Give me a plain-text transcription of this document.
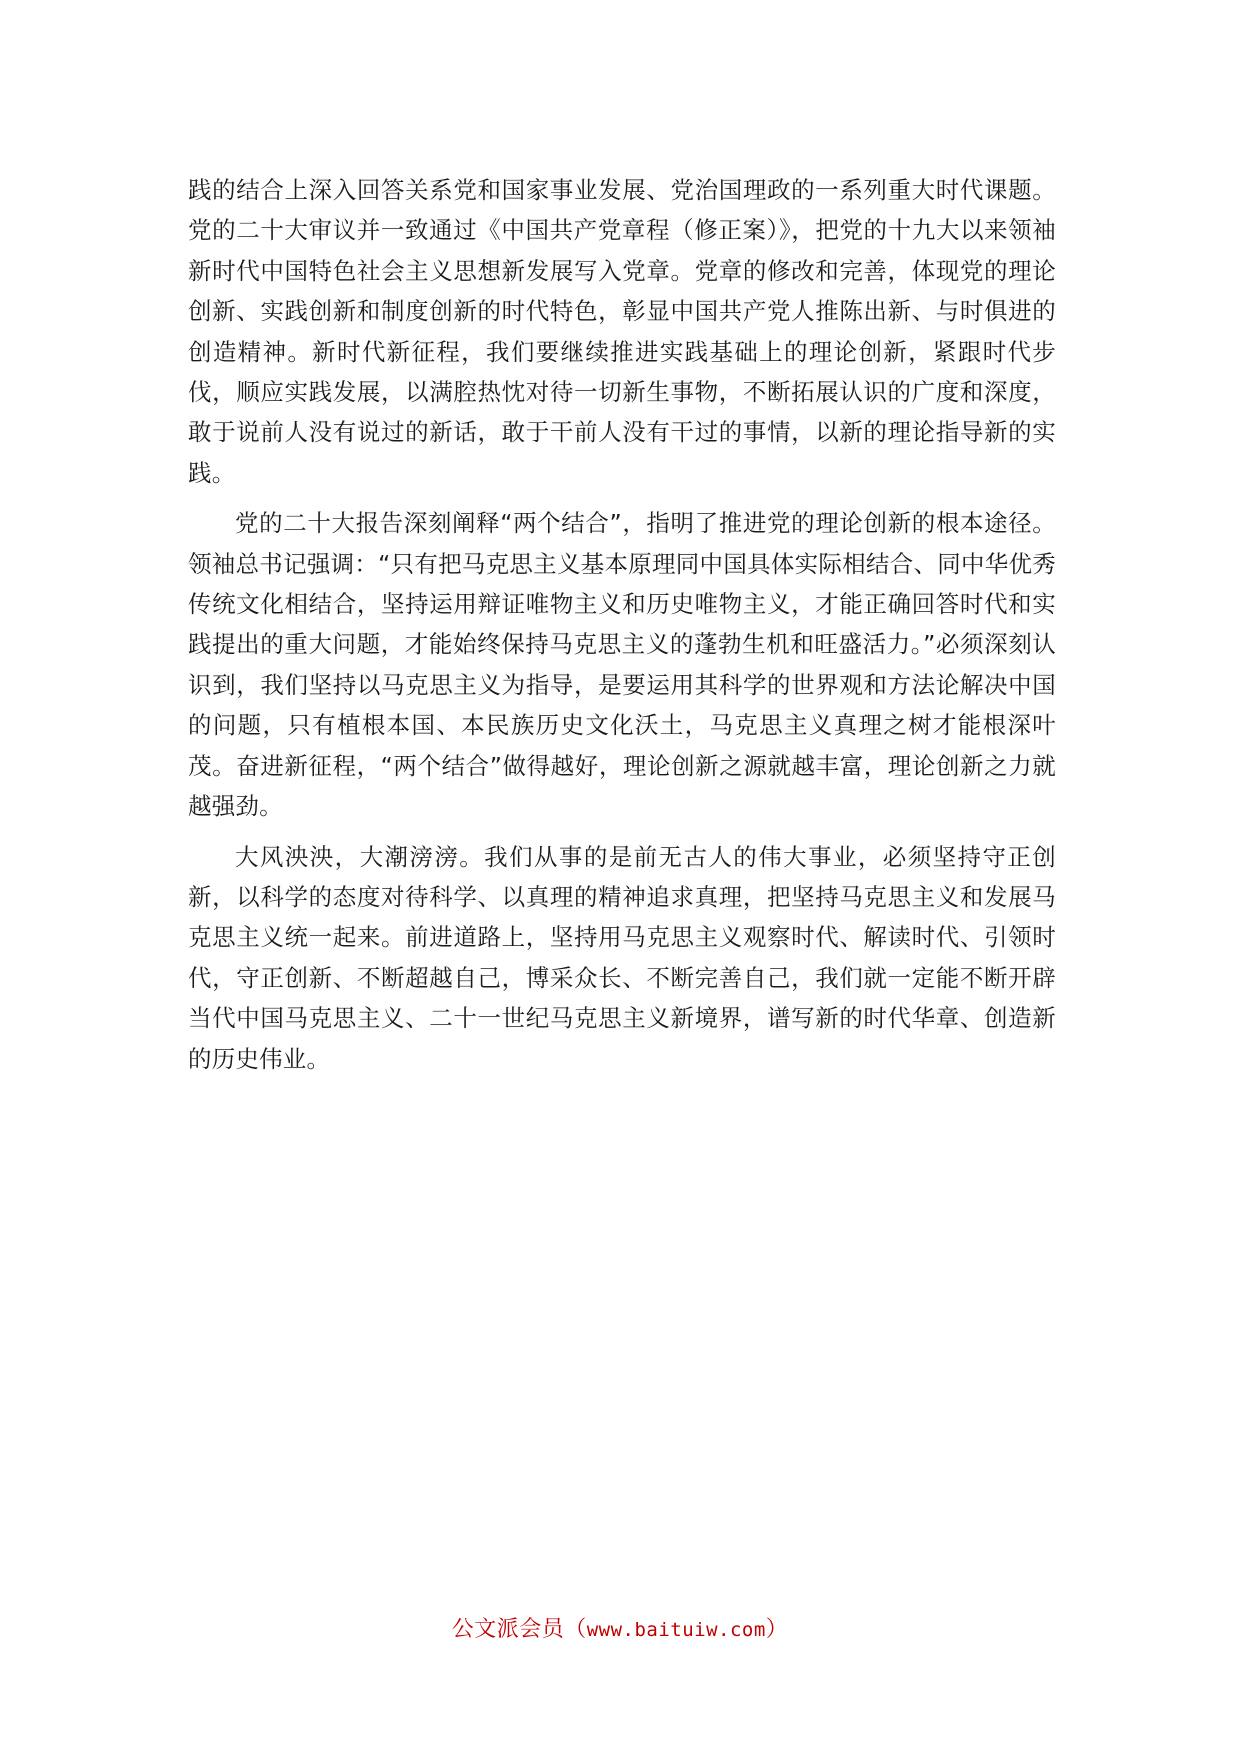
践的结合上深入回答关系党和国家事业发展、党治国理政的一系列重大时代课题。党的二十大审议并一致通过《中国共产党章程（修正案）》，把党的十九大以来领袖新时代中国特色社会主义思想新发展写入党章。党章的修改和完善，体现党的理论创新、实践创新和制度创新的时代特色，彰显中国共产党人推陈出新、与时俱进的创造精神。新时代新征程，我们要继续推进实践基础上的理论创新，紧跟时代步伐，顺应实践发展，以满腔热忱对待一切新生事物，不断拓展认识的广度和深度，敢于说前人没有说过的新话，敢于干前人没有干过的事情，以新的理论指导新的实践。

党的二十大报告深刻阐释“两个结合”，指明了推进党的理论创新的根本途径。领袖总书记强调：“只有把马克思主义基本原理同中国具体实际相结合、同中华优秀传统文化相结合，坚持运用辩证唯物主义和历史唯物主义，才能正确回答时代和实践提出的重大问题，才能始终保持马克思主义的蓬勃生机和旺盛活力。”必须深刻认识到，我们坚持以马克思主义为指导，是要运用其科学的世界观和方法论解决中国的问题，只有植根本国、本民族历史文化沃土，马克思主义真理之树才能根深叶茂。奋进新征程，“两个结合”做得越好，理论创新之源就越丰富，理论创新之力就越强劲。

大风泱泱，大潮滂滂。我们从事的是前无古人的伟大事业，必须坚持守正创新，以科学的态度对待科学、以真理的精神追求真理，把坚持马克思主义和发展马克思主义统一起来。前进道路上，坚持用马克思主义观察时代、解读时代、引领时代，守正创新、不断超越自己，博采众长、不断完善自己，我们就一定能不断开辟当代中国马克思主义、二十一世纪马克思主义新境界，谱写新的时代华章、创造新的历史伟业。

公文派会员（www.baituiw.com）
